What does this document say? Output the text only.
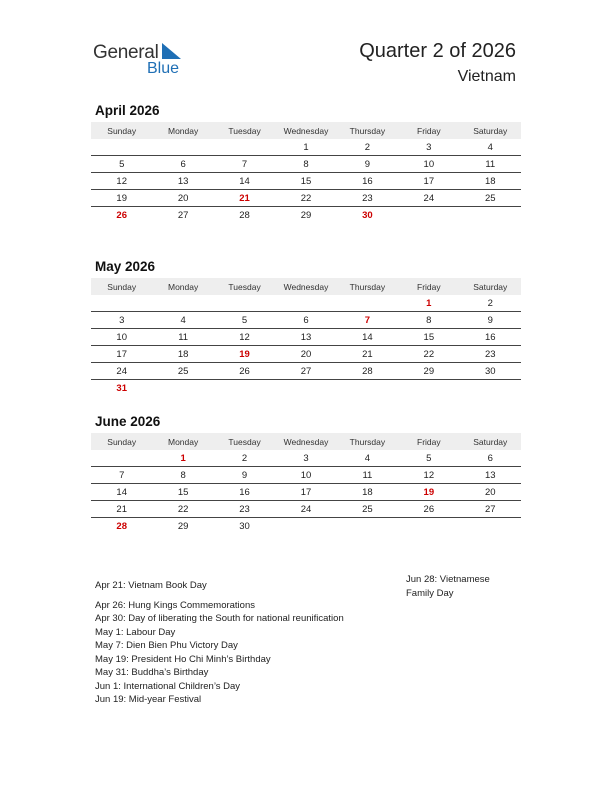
General
Blue
Quarter 2 of 2026
Vietnam
April 2026
Sunday	Monday	Tuesday	Wednesday	Thursday	Friday	Saturday
			1	2	3	4
5	6	7	8	9	10	11
12	13	14	15	16	17	18
19	20	21	22	23	24	25
26	27	28	29	30		
May 2026
Sunday	Monday	Tuesday	Wednesday	Thursday	Friday	Saturday
					1	2
3	4	5	6	7	8	9
10	11	12	13	14	15	16
17	18	19	20	21	22	23
24	25	26	27	28	29	30
31						
June 2026
Sunday	Monday	Tuesday	Wednesday	Thursday	Friday	Saturday
	1	2	3	4	5	6
7	8	9	10	11	12	13
14	15	16	17	18	19	20
21	22	23	24	25	26	27
28	29	30				
Apr 21: Vietnam Book Day
Apr 26: Hung Kings Commemorations
Apr 30: Day of liberating the South for national reunification
May 1: Labour Day
May 7: Dien Bien Phu Victory Day
May 19: President Ho Chi Minh’s Birthday
May 31: Buddha’s Birthday
Jun 1: International Children’s Day
Jun 19: Mid-year Festival
Jun 28: Vietnamese Family Day
